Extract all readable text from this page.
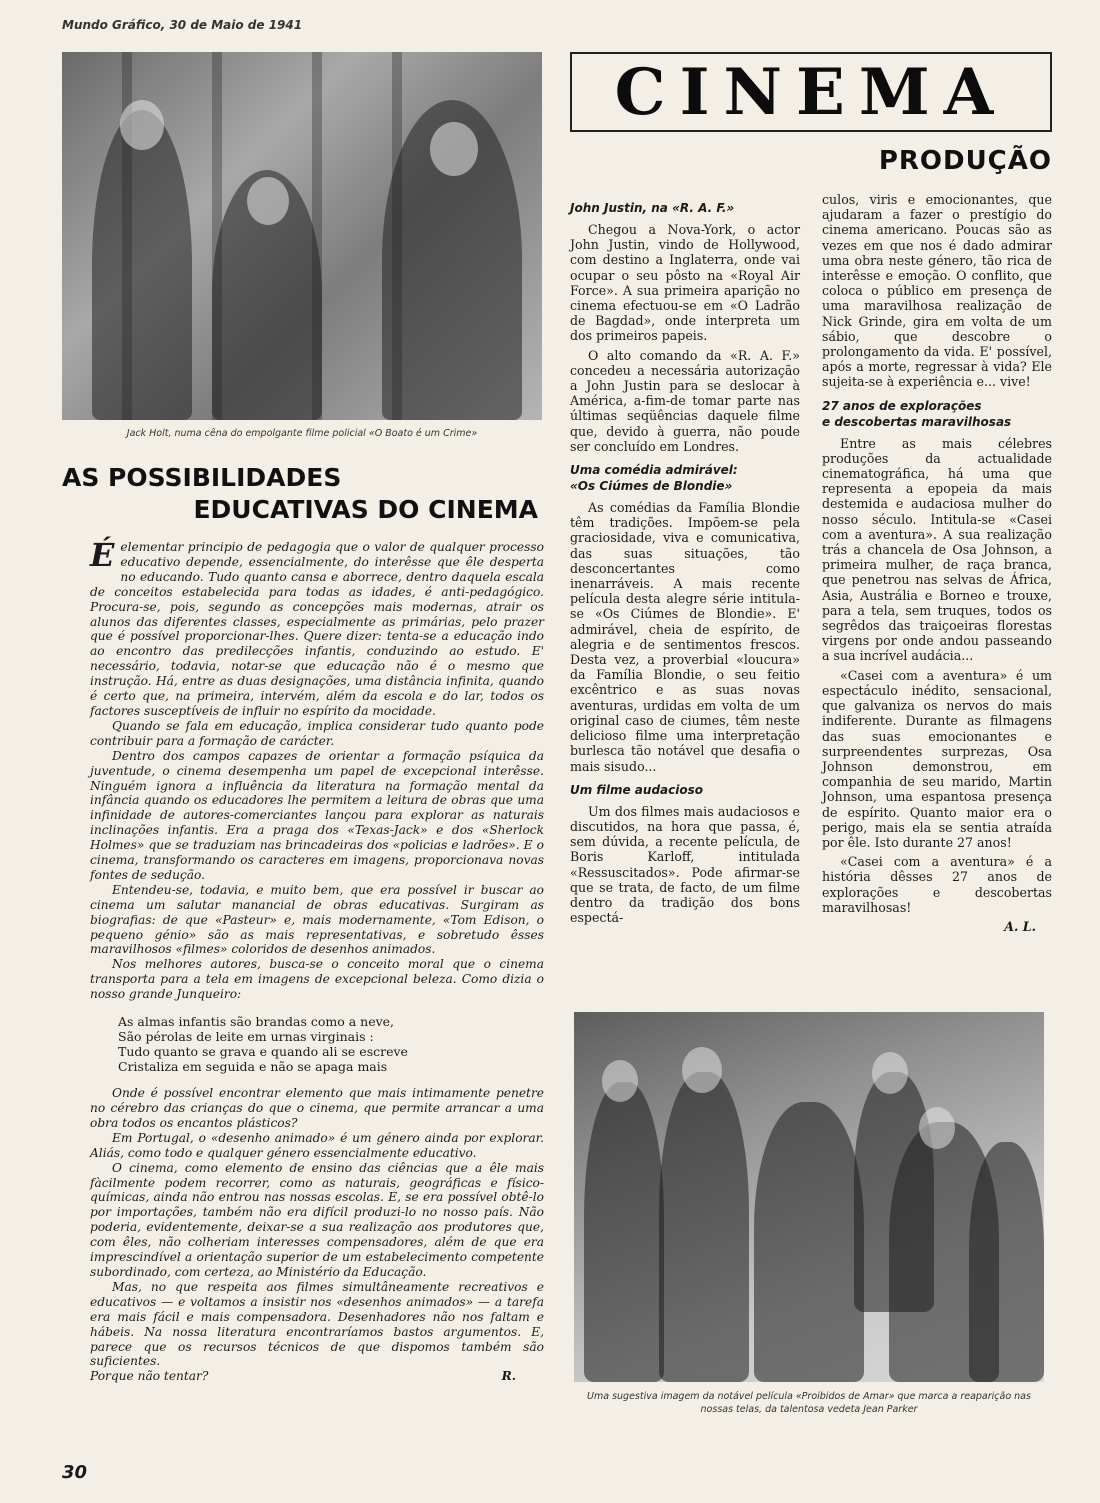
Mundo Gráfico, 30 de Maio de 1941
Jack Holt, numa cêna do empolgante filme policial «O Boato é um Crime»
AS POSSIBILIDADES
EDUCATIVAS DO CINEMA

Éelementar principio de pedagogia que o valor de qualquer processo educativo depende, essencialmente, do interêsse que êle desperta no educando. Tudo quanto cansa e aborrece, dentro daquela escala de conceitos estabelecida para todas as idades, é anti-pedagógico. Procura-se, pois, segundo as concepções mais modernas, atrair os alunos das diferentes classes, especialmente as primárias, pelo prazer que é possível proporcionar-lhes. Quere dizer: tenta-se a educação indo ao encontro das predilecções infantis, conduzindo ao estudo. E' necessário, todavia, notar-se que educação não é o mesmo que instrução. Há, entre as duas designações, uma distância infinita, quando é certo que, na primeira, intervém, além da escola e do lar, todos os factores susceptíveis de influir no espírito da mocidade.

Quando se fala em educação, implica considerar tudo quanto pode contribuir para a formação de carácter.

Dentro dos campos capazes de orientar a formação psíquica da juventude, o cinema desempenha um papel de excepcional interêsse. Ninguém ignora a influência da literatura na formação mental da infância quando os educadores lhe permitem a leitura de obras que uma infinidade de autores-comerciantes lançou para explorar as naturais inclinações infantis. Era a praga dos «Texas-Jack» e dos «Sherlock Holmes» que se traduziam nas brincadeiras dos «policias e ladrões». E o cinema, transformando os caracteres em imagens, proporcionava novas fontes de sedução.

Entendeu-se, todavia, e muito bem, que era possível ir buscar ao cinema um salutar manancial de obras educativas. Surgiram as biografias: de que «Pasteur» e, mais modernamente, «Tom Edison, o pequeno génio» são as mais representativas, e sobretudo êsses maravilhosos «filmes» coloridos de desenhos animados.

Nos melhores autores, busca-se o conceito moral que o cinema transporta para a tela em imagens de excepcional beleza. Como dizia o nosso grande Junqueiro:

As almas infantis são brandas como a neve,
São pérolas de leite em urnas virginais :
Tudo quanto se grava e quando ali se escreve
Cristaliza em seguida e não se apaga mais

Onde é possível encontrar elemento que mais intimamente penetre no cérebro das crianças do que o cinema, que permite arrancar a uma obra todos os encantos plásticos?

Em Portugal, o «desenho animado» é um género ainda por explorar. Aliás, como todo e qualquer género essencialmente educativo.

O cinema, como elemento de ensino das ciências que a êle mais fàcilmente podem recorrer, como as naturais, geográficas e físico-químicas, ainda não entrou nas nossas escolas. E, se era possível obtê-lo por importações, também não era difícil produzi-lo no nosso país. Não poderia, evidentemente, deixar-se a sua realização aos produtores que, com êles, não colheriam interesses compensadores, além de que era imprescindível a orientação superior de um estabelecimento competente subordinado, com certeza, ao Ministério da Educação.

Mas, no que respeita aos filmes simultâneamente recreativos e educativos — e voltamos a insistir nos «desenhos animados» — a tarefa era mais fácil e mais compensadora. Desenhadores não nos faltam e hábeis. Na nossa literatura encontraríamos bastos argumentos. E, parece que os recursos técnicos de que dispomos também são suficientes.

Porque não tentar?	R.

30
CINEMA
PRODUÇÃO
John Justin, na «R. A. F.»

Chegou a Nova-York, o actor John Justin, vindo de Hollywood, com destino a Inglaterra, onde vai ocupar o seu pôsto na «Royal Air Force». A sua primeira aparição no cinema efectuou-se em «O Ladrão de Bagdad», onde interpreta um dos primeiros papeis.

O alto comando da «R. A. F.» concedeu a necessária autorização a John Justin para se deslocar à América, a-fim-de tomar parte nas últimas seqüências daquele filme que, devido à guerra, não poude ser concluído em Londres.

Uma comédia admirável:
«Os Ciúmes de Blondie»

As comédias da Família Blondie têm tradições. Impõem-se pela graciosidade, viva e comunicativa, das suas situações, tão desconcertantes como inenarráveis. A mais recente película desta alegre série intitula-se «Os Ciúmes de Blondie». E' admirável, cheia de espírito, de alegria e de sentimentos frescos. Desta vez, a proverbial «loucura» da Família Blondie, o seu feitio excêntrico e as suas novas aventuras, urdidas em volta de um original caso de ciumes, têm neste delicioso filme uma interpretação burlesca tão notável que desafia o mais sisudo...

Um filme audacioso

Um dos filmes mais audaciosos e discutidos, na hora que passa, é, sem dúvida, a recente película, de Boris Karloff, intitulada «Ressuscitados». Pode afirmar-se que se trata, de facto, de um filme dentro da tradição dos bons espectá-

culos, viris e emocionantes, que ajudaram a fazer o prestígio do cinema americano. Poucas são as vezes em que nos é dado admirar uma obra neste género, tão rica de interêsse e emoção. O conflito, que coloca o público em presença de uma maravilhosa realização de Nick Grinde, gira em volta de um sábio, que descobre o prolongamento da vida. E' possível, após a morte, regressar à vida? Ele sujeita-se à experiência e... vive!

27 anos de explorações
e descobertas maravilhosas

Entre as mais célebres produções da actualidade cinematográfica, há uma que representa a epopeia da mais destemida e audaciosa mulher do nosso século. Intitula-se «Casei com a aventura». A sua realização trás a chancela de Osa Johnson, a primeira mulher, de raça branca, que penetrou nas selvas de África, Asia, Austrália e Borneo e trouxe, para a tela, sem truques, todos os segrêdos das traiçoeiras florestas virgens por onde andou passeando a sua incrível audácia...

«Casei com a aventura» é um espectáculo inédito, sensacional, que galvaniza os nervos do mais indiferente. Durante as filmagens das suas emocionantes e surpreendentes surprezas, Osa Johnson demonstrou, em companhia de seu marido, Martin Johnson, uma espantosa presença de espírito. Quanto maior era o perigo, mais ela se sentia atraída por êle. Isto durante 27 anos!

«Casei com a aventura» é a história dêsses 27 anos de explorações e descobertas maravilhosas!

A. L.
Uma sugestiva imagem da notável película «Proibidos de Amar» que marca a reaparição nas nossas telas, da talentosa vedeta Jean Parker
